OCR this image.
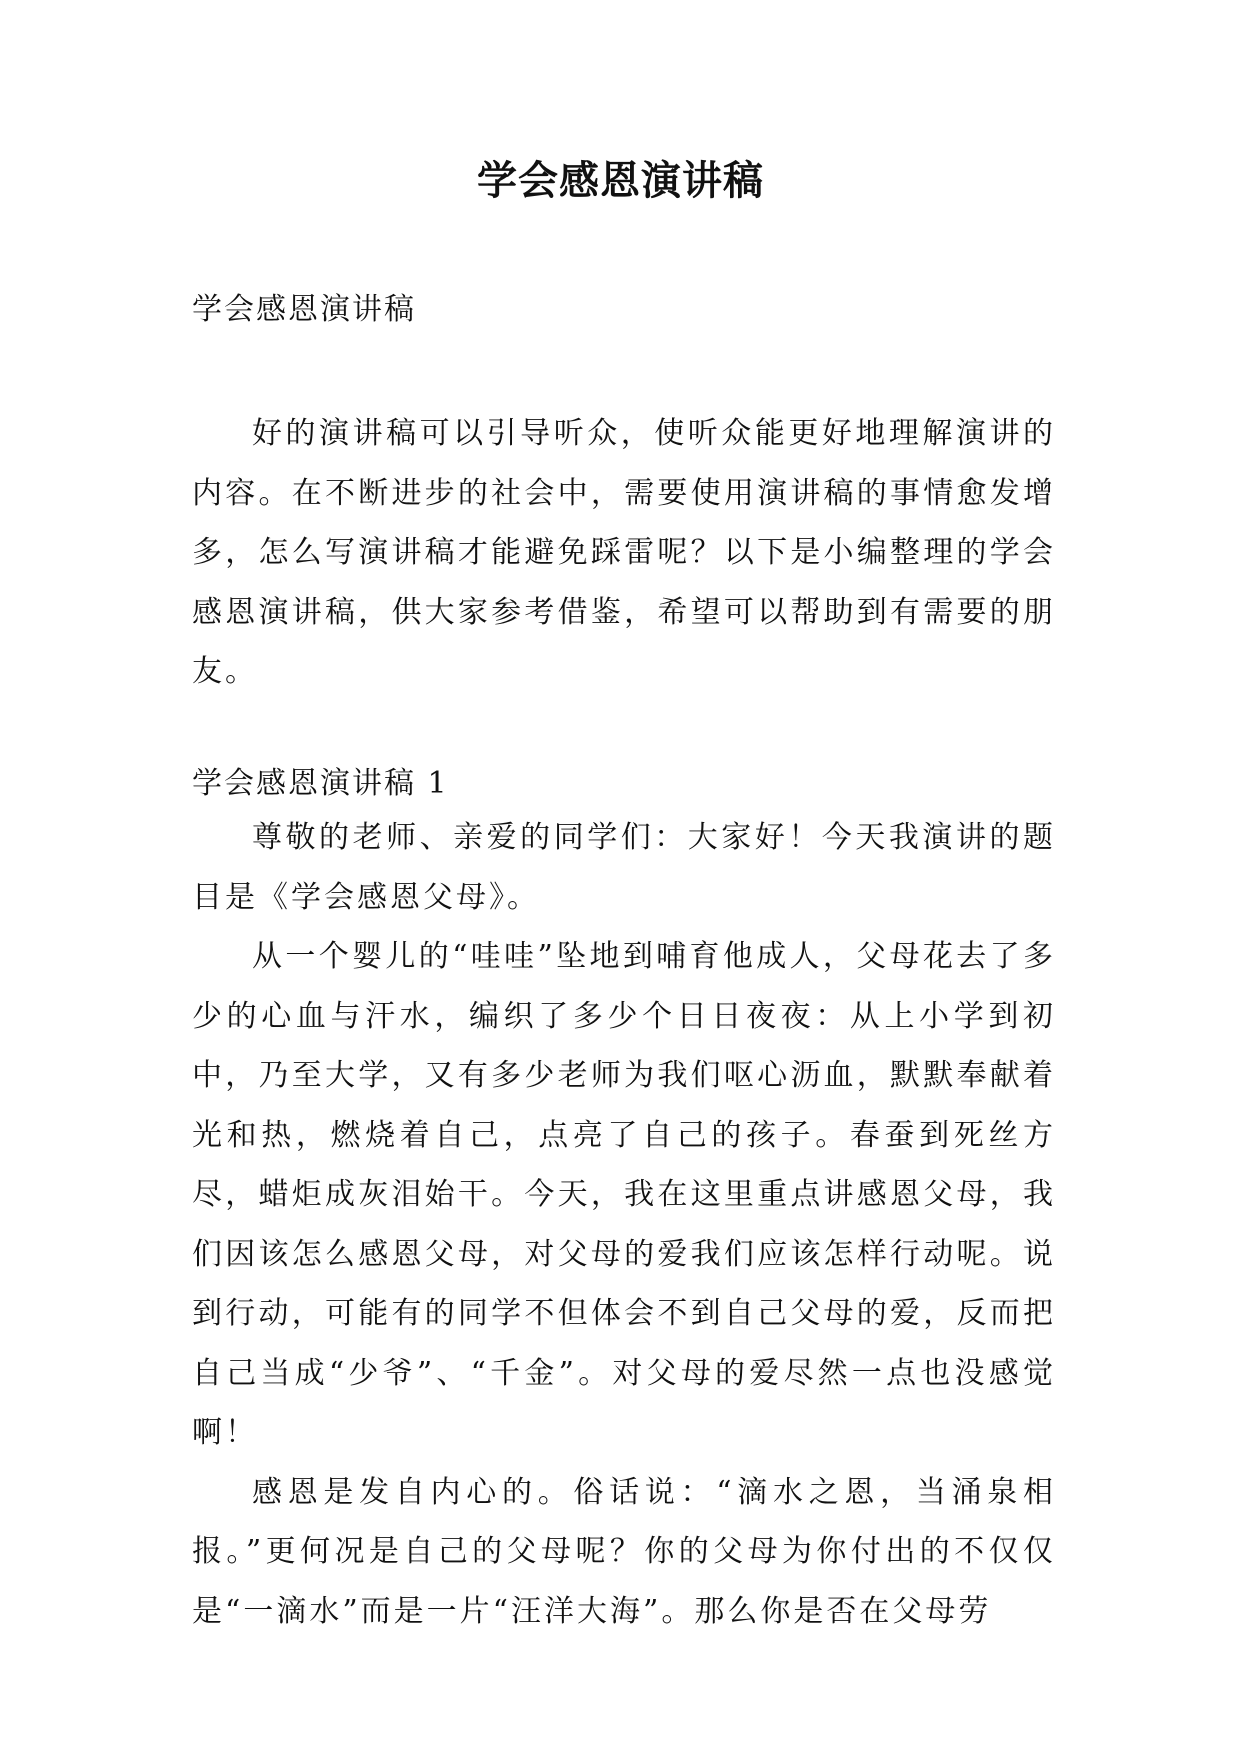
学会感恩演讲稿
学会感恩演讲稿

好的演讲稿可以引导听众，使听众能更好地理解演讲的内容。在不断进步的社会中，需要使用演讲稿的事情愈发增多，怎么写演讲稿才能避免踩雷呢？以下是小编整理的学会感恩演讲稿，供大家参考借鉴，希望可以帮助到有需要的朋友。

学会感恩演讲稿 1

尊敬的老师、亲爱的同学们：大家好！今天我演讲的题目是《学会感恩父母》。

从一个婴儿的“哇哇”坠地到哺育他成人，父母花去了多少的心血与汗水，编织了多少个日日夜夜：从上小学到初中，乃至大学，又有多少老师为我们呕心沥血，默默奉献着光和热，燃烧着自己，点亮了自己的孩子。春蚕到死丝方尽，蜡炬成灰泪始干。今天，我在这里重点讲感恩父母，我们因该怎么感恩父母，对父母的爱我们应该怎样行动呢。说到行动，可能有的同学不但体会不到自己父母的爱，反而把自己当成“少爷”、“千金”。对父母的爱尽然一点也没感觉啊！

感恩是发自内心的。俗话说：“滴水之恩，当涌泉相报。”更何况是自己的父母呢？你的父母为你付出的不仅仅是“一滴水”而是一片“汪洋大海”。那么你是否在父母劳
